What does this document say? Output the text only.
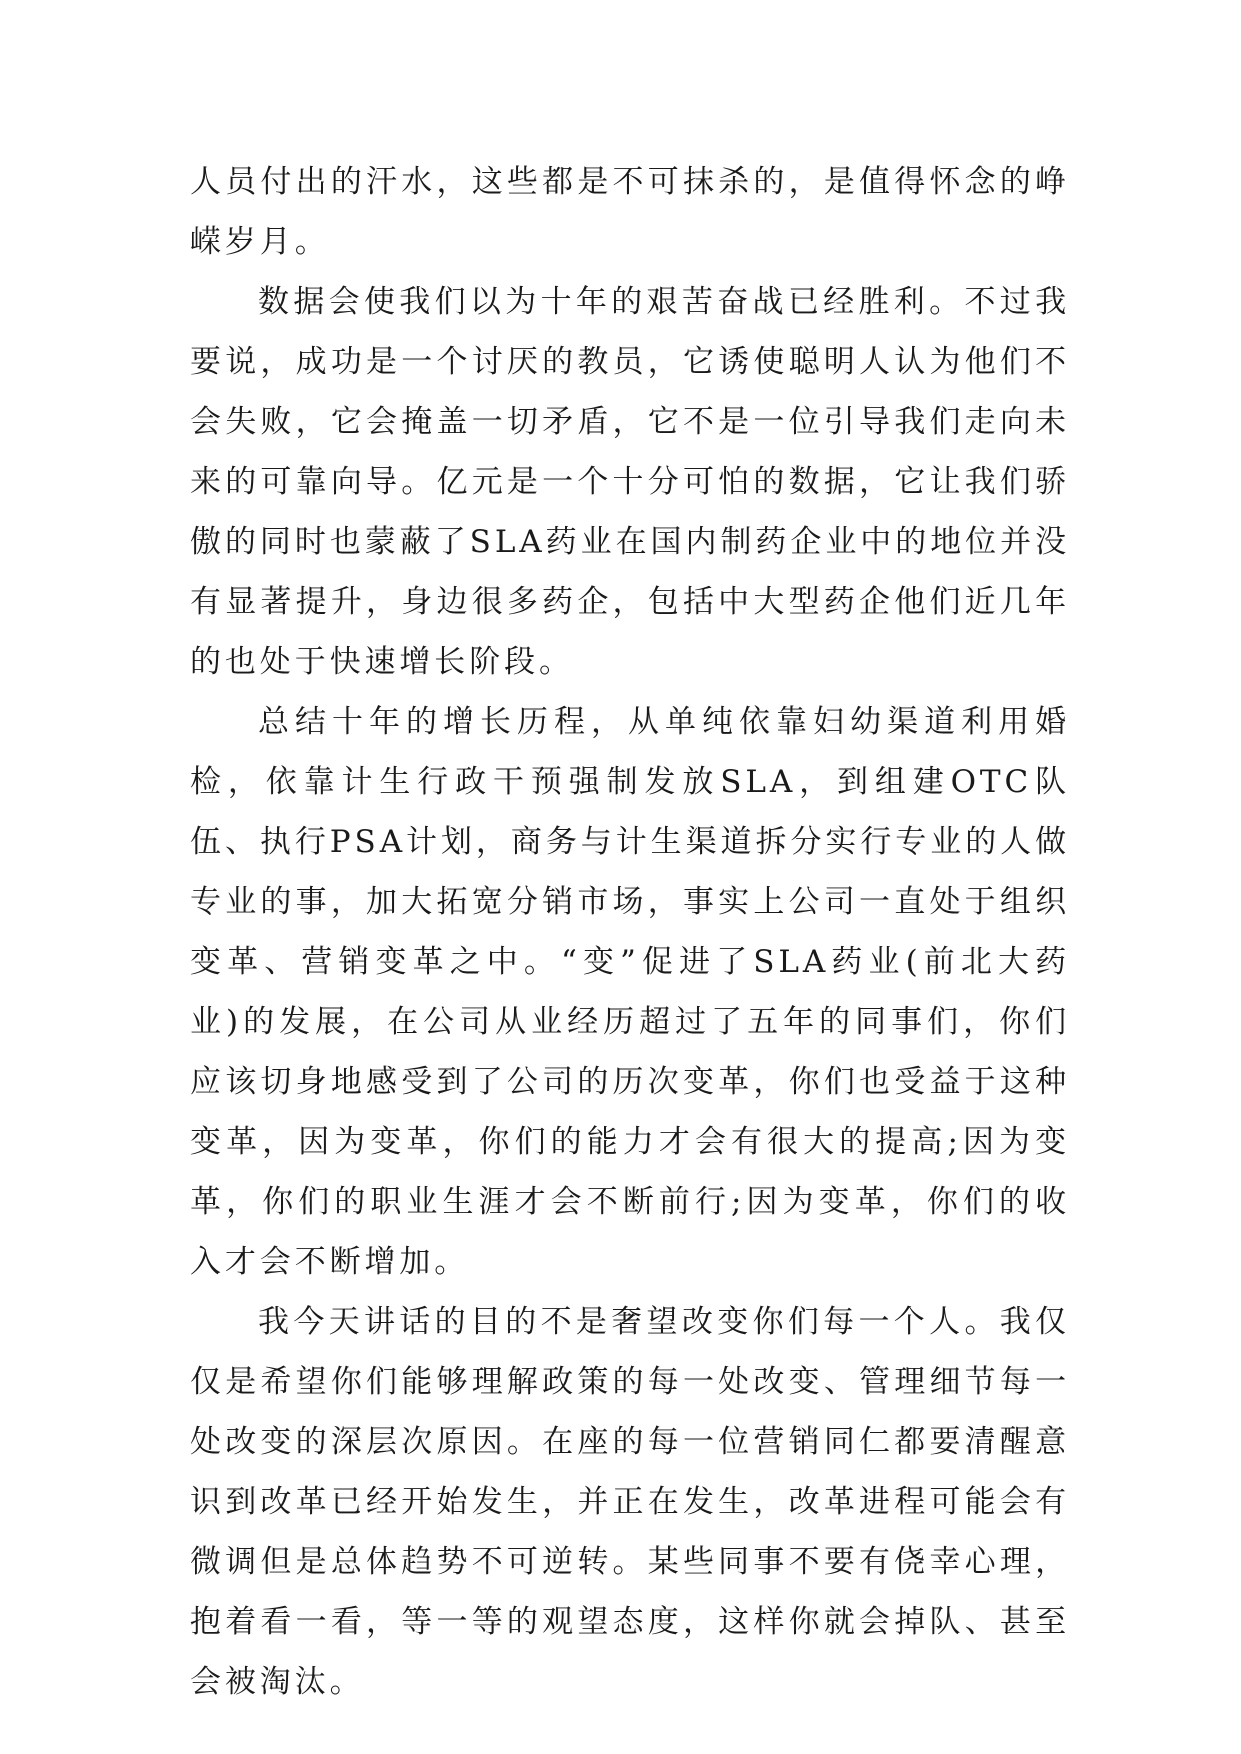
人员付出的汗水，这些都是不可抹杀的，是值得怀念的峥嵘岁月。

数据会使我们以为十年的艰苦奋战已经胜利。不过我要说，成功是一个讨厌的教员，它诱使聪明人认为他们不会失败，它会掩盖一切矛盾，它不是一位引导我们走向未来的可靠向导。亿元是一个十分可怕的数据，它让我们骄傲的同时也蒙蔽了SLA药业在国内制药企业中的地位并没有显著提升，身边很多药企，包括中大型药企他们近几年的也处于快速增长阶段。

总结十年的增长历程，从单纯依靠妇幼渠道利用婚检，依靠计生行政干预强制发放SLA，到组建OTC队伍、执行PSA计划，商务与计生渠道拆分实行专业的人做专业的事，加大拓宽分销市场，事实上公司一直处于组织变革、营销变革之中。“变”促进了SLA药业(前北大药业)的发展，在公司从业经历超过了五年的同事们，你们应该切身地感受到了公司的历次变革，你们也受益于这种变革，因为变革，你们的能力才会有很大的提高;因为变革，你们的职业生涯才会不断前行;因为变革，你们的收入才会不断增加。

我今天讲话的目的不是奢望改变你们每一个人。我仅仅是希望你们能够理解政策的每一处改变、管理细节每一处改变的深层次原因。在座的每一位营销同仁都要清醒意识到改革已经开始发生，并正在发生，改革进程可能会有微调但是总体趋势不可逆转。某些同事不要有侥幸心理，抱着看一看，等一等的观望态度，这样你就会掉队、甚至会被淘汰。
